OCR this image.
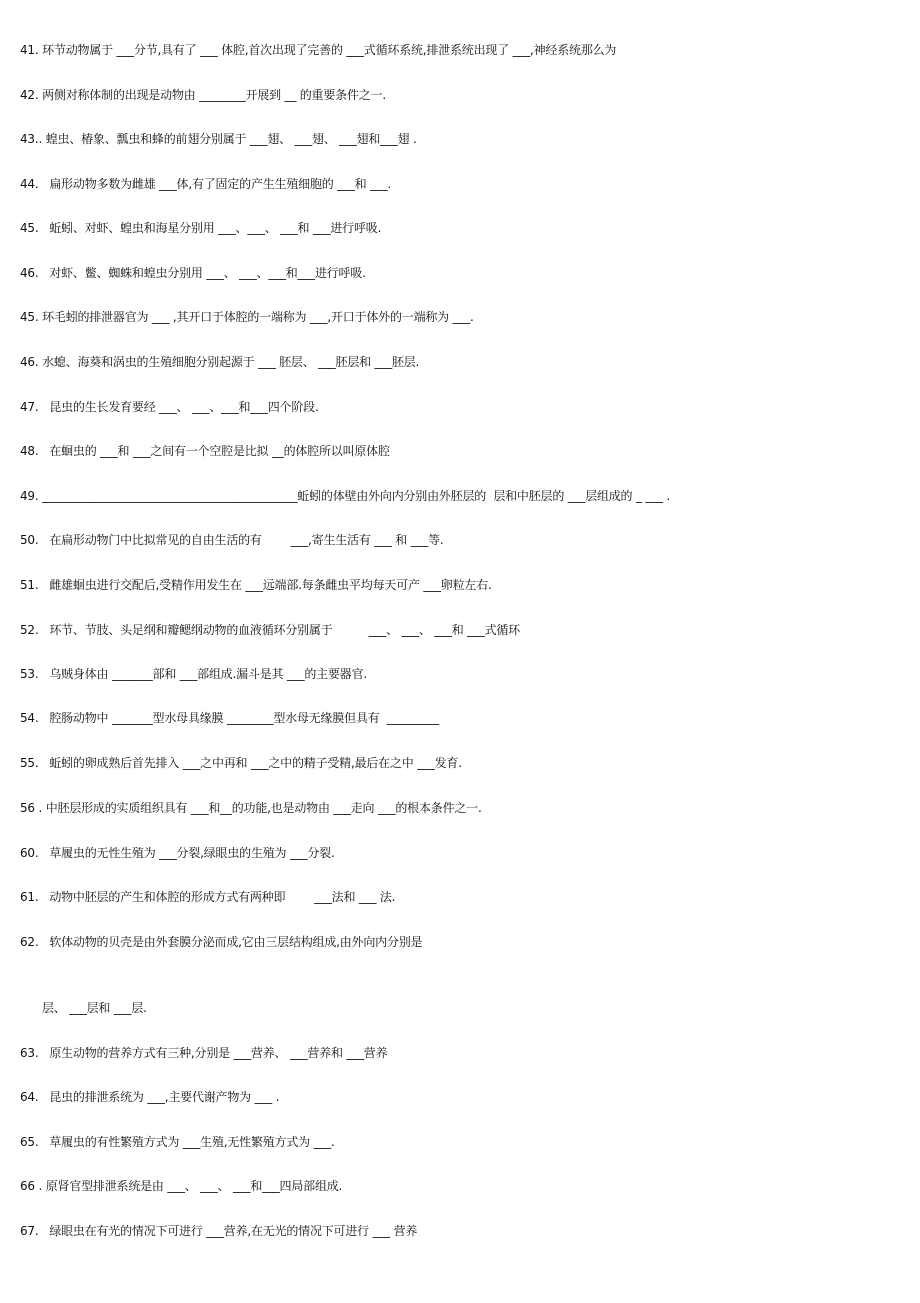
41. 环节动物属于 ___分节,具有了 ___ 体腔,首次出现了完善的 ___式循环系统,排泄系统出现了 ___,神经系统那么为
42. 两侧对称体制的出现是动物由 ________开展到 __ 的重要条件之一.
43.. 蝗虫、椿象、瓢虫和蜂的前翅分别属于 ___翅、 ___翅、 ___翅和___翅 .
44.   扁形动物多数为雌雄 ___体,有了固定的产生生殖细胞的 ___和 ___.
45.   蚯蚓、对虾、蝗虫和海星分别用 ___、___、 ___和 ___进行呼吸.
46.   对虾、鳖、蜘蛛和蝗虫分别用 ___、 ___、___和___进行呼吸.
45. 环毛蚓的排泄器官为 ___ ,其开口于体腔的一端称为 ___,开口于体外的一端称为 ___.
46. 水螅、海葵和涡虫的生殖细胞分别起源于 ___ 胚层、 ___胚层和 ___胚层.
47.   昆虫的生长发育要经 ___、 ___、___和___四个阶段.
48.   在蛔虫的 ___和 ___之间有一个空腔是比拟 __的体腔所以叫原体腔
49. ____________________________________________蚯蚓的体壁由外向内分别由外胚层的  层和中胚层的 ___层组成的 _ ___ .
50.   在扁形动物门中比拟常见的自由生活的有        ___,寄生生活有 ___ 和 ___等.
51.   雌雄蛔虫进行交配后,受精作用发生在 ___远端部.每条雌虫平均每天可产 ___卵粒左右.
52.   环节、节肢、头足纲和瓣鳃纲动物的血液循环分别属于          ___、 ___、 ___和 ___式循环
53.   乌贼身体由 _______部和 ___部组成.漏斗是其 ___的主要器官.
54.   腔肠动物中 _______型水母具缘膜 ________型水母无缘膜但具有  _________
55.   蚯蚓的卵成熟后首先排入 ___之中再和 ___之中的精子受精,最后在之中 ___发育.
56 . 中胚层形成的实质组织具有 ___和__的功能,也是动物由 ___走向 ___的根本条件之一.
60.   草履虫的无性生殖为 ___分裂,绿眼虫的生殖为 ___分裂.
61.   动物中胚层的产生和体腔的形成方式有两种即        ___法和 ___ 法.
62.   软体动物的贝壳是由外套膜分泌而成,它由三层结构组成,由外向内分别是
层、 ___层和 ___层.
63.   原生动物的营养方式有三种,分别是 ___营养、 ___营养和 ___营养
64.   昆虫的排泄系统为 ___,主要代谢产物为 ___ .
65.   草履虫的有性繁殖方式为 ___生殖,无性繁殖方式为 ___.
66 . 原肾官型排泄系统是由 ___、 ___、 ___和___四局部组成.
67.   绿眼虫在有光的情况下可进行 ___营养,在无光的情况下可进行 ___ 营养
